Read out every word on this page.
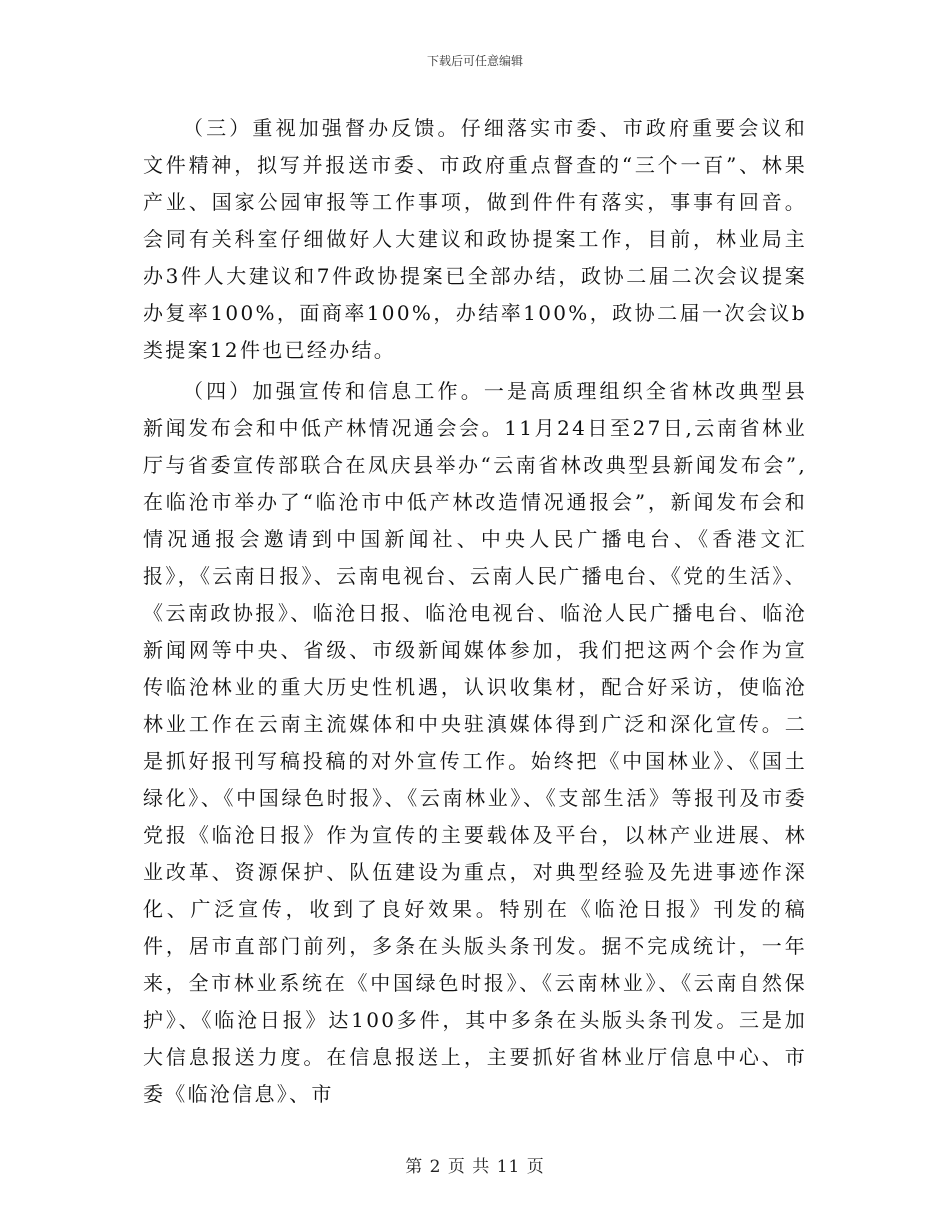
下载后可任意编辑

（三）重视加强督办反馈。仔细落实市委、市政府重要会议和文件精神，拟写并报送市委、市政府重点督查的“三个一百”、林果产业、国家公园审报等工作事项，做到件件有落实，事事有回音。会同有关科室仔细做好人大建议和政协提案工作，目前，林业局主办3件人大建议和7件政协提案已全部办结，政协二届二次会议提案办复率100%，面商率100%，办结率100%，政协二届一次会议b类提案12件也已经办结。

（四）加强宣传和信息工作。一是高质理组织全省林改典型县新闻发布会和中低产林情况通会会。11月24日至27日,云南省林业厅与省委宣传部联合在凤庆县举办“云南省林改典型县新闻发布会”,在临沧市举办了“临沧市中低产林改造情况通报会”，新闻发布会和情况通报会邀请到中国新闻社、中央人民广播电台、《香港文汇报》，《云南日报》、云南电视台、云南人民广播电台、《党的生活》、《云南政协报》、临沧日报、临沧电视台、临沧人民广播电台、临沧新闻网等中央、省级、市级新闻媒体参加，我们把这两个会作为宣传临沧林业的重大历史性机遇，认识收集材，配合好采访，使临沧林业工作在云南主流媒体和中央驻滇媒体得到广泛和深化宣传。二是抓好报刊写稿投稿的对外宣传工作。始终把《中国林业》、《国土绿化》、《中国绿色时报》、《云南林业》、《支部生活》等报刊及市委党报《临沧日报》作为宣传的主要载体及平台，以林产业进展、林业改革、资源保护、队伍建设为重点，对典型经验及先进事迹作深化、广泛宣传，收到了良好效果。特别在《临沧日报》刊发的稿件，居市直部门前列，多条在头版头条刊发。据不完成统计，一年来，全市林业系统在《中国绿色时报》、《云南林业》、《云南自然保护》、《临沧日报》达100多件，其中多条在头版头条刊发。三是加大信息报送力度。在信息报送上，主要抓好省林业厅信息中心、市委《临沧信息》、市

第 2 页 共 11 页
